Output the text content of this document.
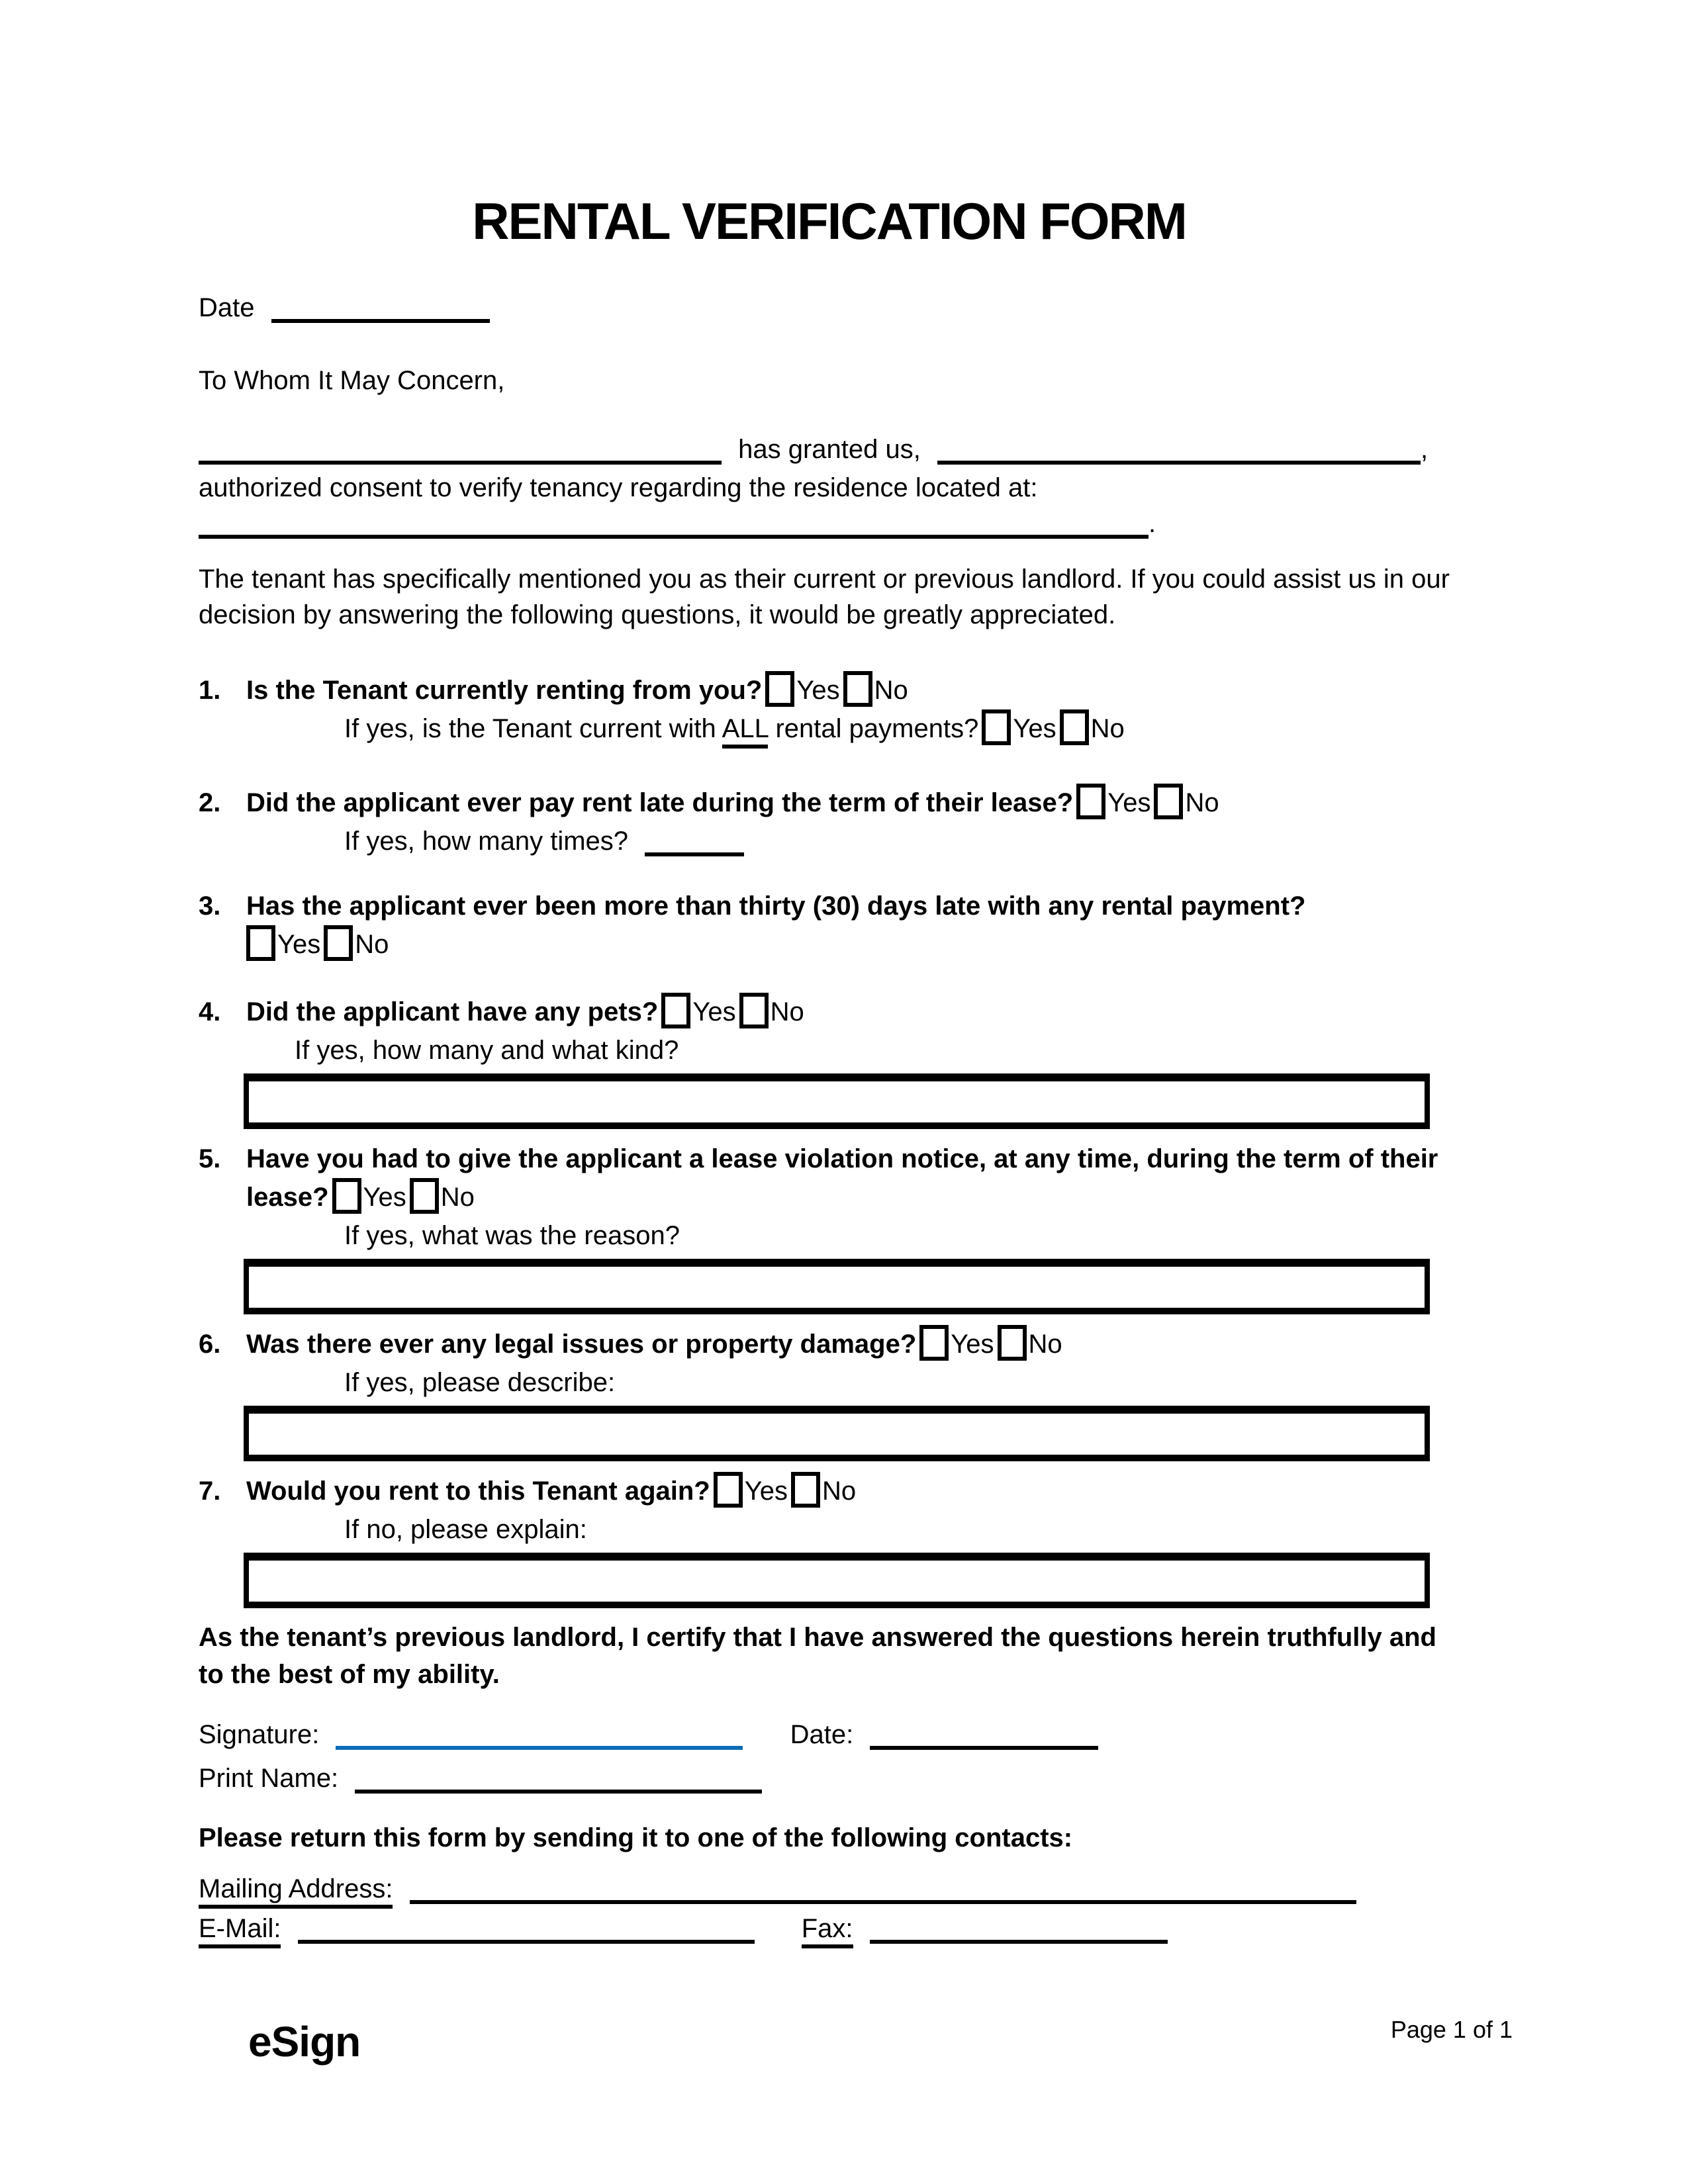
RENTAL VERIFICATION FORM
Date
To Whom It May Concern,
has granted us,	,
authorized consent to verify tenancy regarding the residence located at:
.
The tenant has specifically mentioned you as their current or previous landlord. If you could assist us in our decision by answering the following questions, it would be greatly appreciated.
1. Is the Tenant currently renting from you? Yes No
If yes, is the Tenant current with ALL rental payments? Yes No
2. Did the applicant ever pay rent late during the term of their lease? Yes No
If yes, how many times?
3. Has the applicant ever been more than thirty (30) days late with any rental payment?
Yes No
4. Did the applicant have any pets? Yes No
If yes, how many and what kind?
5. Have you had to give the applicant a lease violation notice, at any time, during the term of their lease? Yes No
If yes, what was the reason?
6. Was there ever any legal issues or property damage? Yes No
If yes, please describe:
7. Would you rent to this Tenant again? Yes No
If no, please explain:
As the tenant’s previous landlord, I certify that I have answered the questions herein truthfully and to the best of my ability.
Signature:	Date:
Print Name:
Please return this form by sending it to one of the following contacts:
Mailing Address:
E-Mail:	Fax:
eSign	Page 1 of 1
